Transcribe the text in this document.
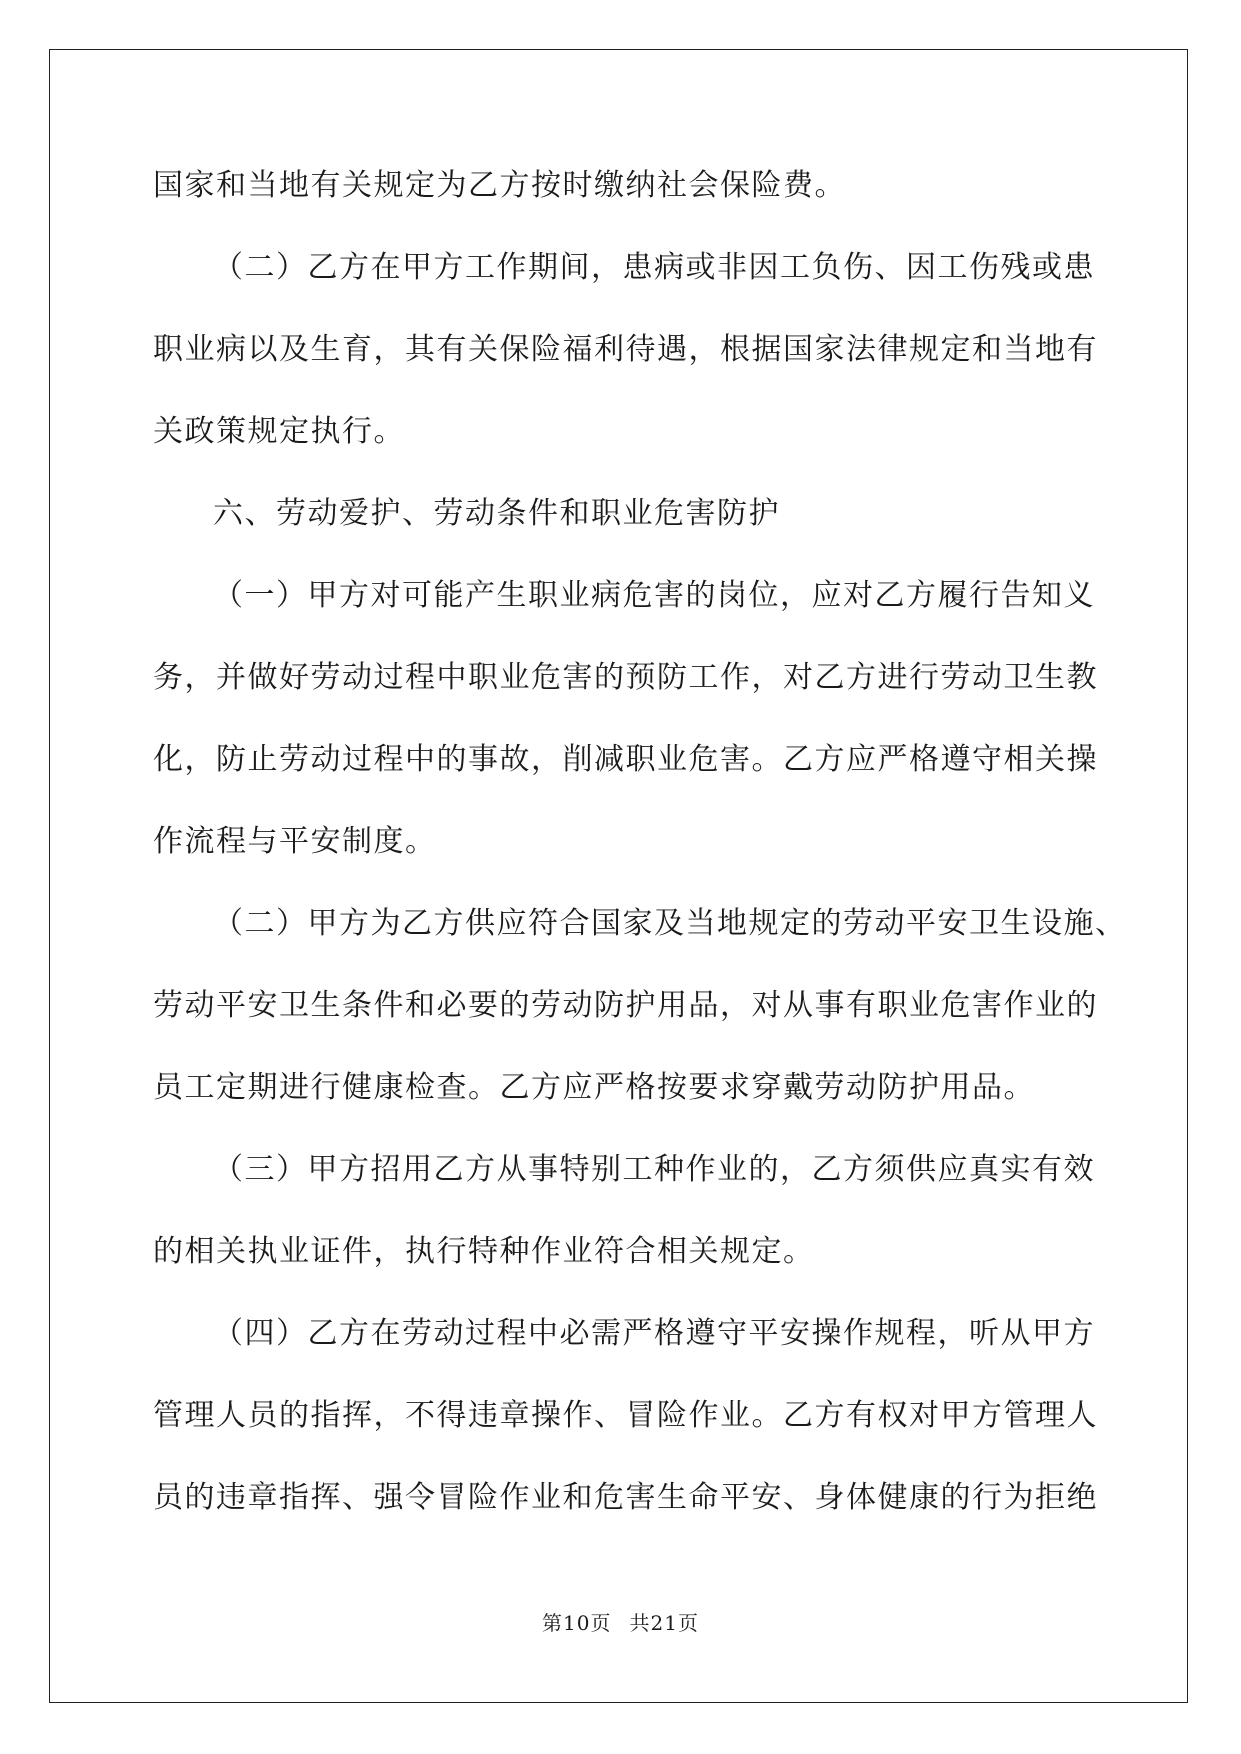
国家和当地有关规定为乙方按时缴纳社会保险费。
（二）乙方在甲方工作期间，患病或非因工负伤、因工伤残或患
职业病以及生育，其有关保险福利待遇，根据国家法律规定和当地有
关政策规定执行。
六、劳动爱护、劳动条件和职业危害防护
（一）甲方对可能产生职业病危害的岗位，应对乙方履行告知义
务，并做好劳动过程中职业危害的预防工作，对乙方进行劳动卫生教
化，防止劳动过程中的事故，削减职业危害。乙方应严格遵守相关操
作流程与平安制度。
（二）甲方为乙方供应符合国家及当地规定的劳动平安卫生设施、
劳动平安卫生条件和必要的劳动防护用品，对从事有职业危害作业的
员工定期进行健康检查。乙方应严格按要求穿戴劳动防护用品。
（三）甲方招用乙方从事特别工种作业的，乙方须供应真实有效
的相关执业证件，执行特种作业符合相关规定。
（四）乙方在劳动过程中必需严格遵守平安操作规程，听从甲方
管理人员的指挥，不得违章操作、冒险作业。乙方有权对甲方管理人
员的违章指挥、强令冒险作业和危害生命平安、身体健康的行为拒绝
第10页 共21页
